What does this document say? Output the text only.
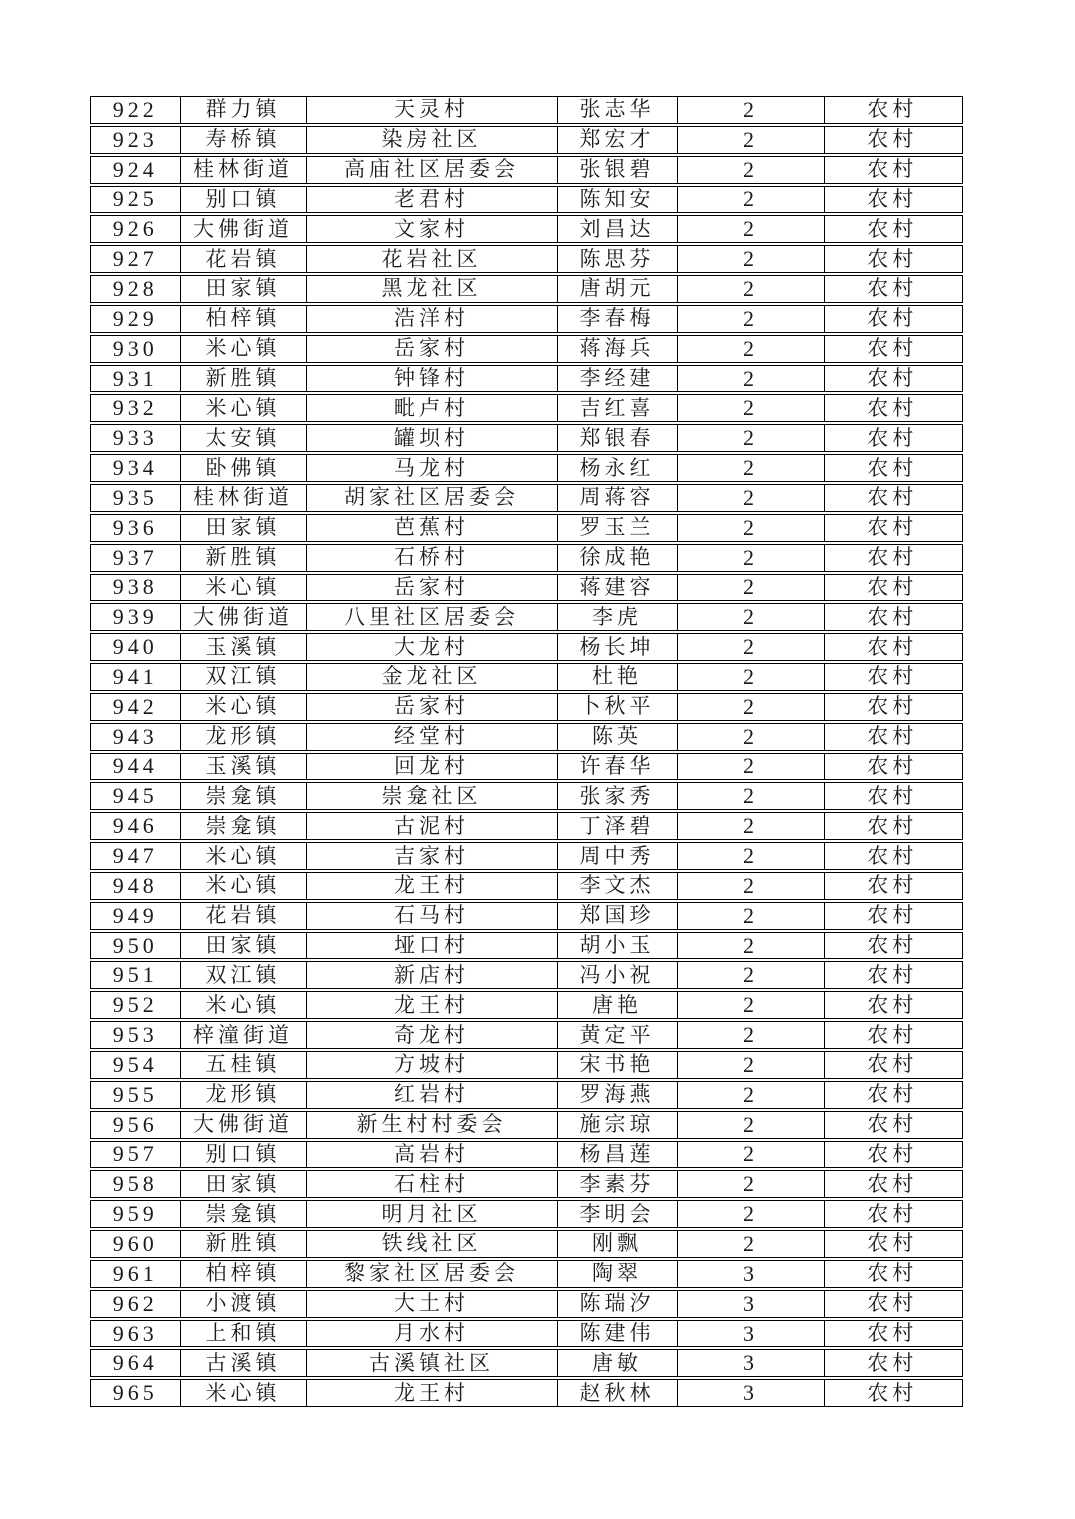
922	群力镇	天灵村	张志华	2	农村
923	寿桥镇	染房社区	郑宏才	2	农村
924	桂林街道	高庙社区居委会	张银碧	2	农村
925	别口镇	老君村	陈知安	2	农村
926	大佛街道	文家村	刘昌达	2	农村
927	花岩镇	花岩社区	陈思芬	2	农村
928	田家镇	黑龙社区	唐胡元	2	农村
929	柏梓镇	浩洋村	李春梅	2	农村
930	米心镇	岳家村	蒋海兵	2	农村
931	新胜镇	钟锋村	李经建	2	农村
932	米心镇	毗卢村	吉红喜	2	农村
933	太安镇	罐坝村	郑银春	2	农村
934	卧佛镇	马龙村	杨永红	2	农村
935	桂林街道	胡家社区居委会	周蒋容	2	农村
936	田家镇	芭蕉村	罗玉兰	2	农村
937	新胜镇	石桥村	徐成艳	2	农村
938	米心镇	岳家村	蒋建容	2	农村
939	大佛街道	八里社区居委会	李虎	2	农村
940	玉溪镇	大龙村	杨长坤	2	农村
941	双江镇	金龙社区	杜艳	2	农村
942	米心镇	岳家村	卜秋平	2	农村
943	龙形镇	经堂村	陈英	2	农村
944	玉溪镇	回龙村	许春华	2	农村
945	崇龛镇	崇龛社区	张家秀	2	农村
946	崇龛镇	古泥村	丁泽碧	2	农村
947	米心镇	吉家村	周中秀	2	农村
948	米心镇	龙王村	李文杰	2	农村
949	花岩镇	石马村	郑国珍	2	农村
950	田家镇	垭口村	胡小玉	2	农村
951	双江镇	新店村	冯小祝	2	农村
952	米心镇	龙王村	唐艳	2	农村
953	梓潼街道	奇龙村	黄定平	2	农村
954	五桂镇	方坡村	宋书艳	2	农村
955	龙形镇	红岩村	罗海燕	2	农村
956	大佛街道	新生村村委会	施宗琼	2	农村
957	别口镇	高岩村	杨昌莲	2	农村
958	田家镇	石柱村	李素芬	2	农村
959	崇龛镇	明月社区	李明会	2	农村
960	新胜镇	铁线社区	刚飘	2	农村
961	柏梓镇	黎家社区居委会	陶翠	3	农村
962	小渡镇	大土村	陈瑞汐	3	农村
963	上和镇	月水村	陈建伟	3	农村
964	古溪镇	古溪镇社区	唐敏	3	农村
965	米心镇	龙王村	赵秋林	3	农村
